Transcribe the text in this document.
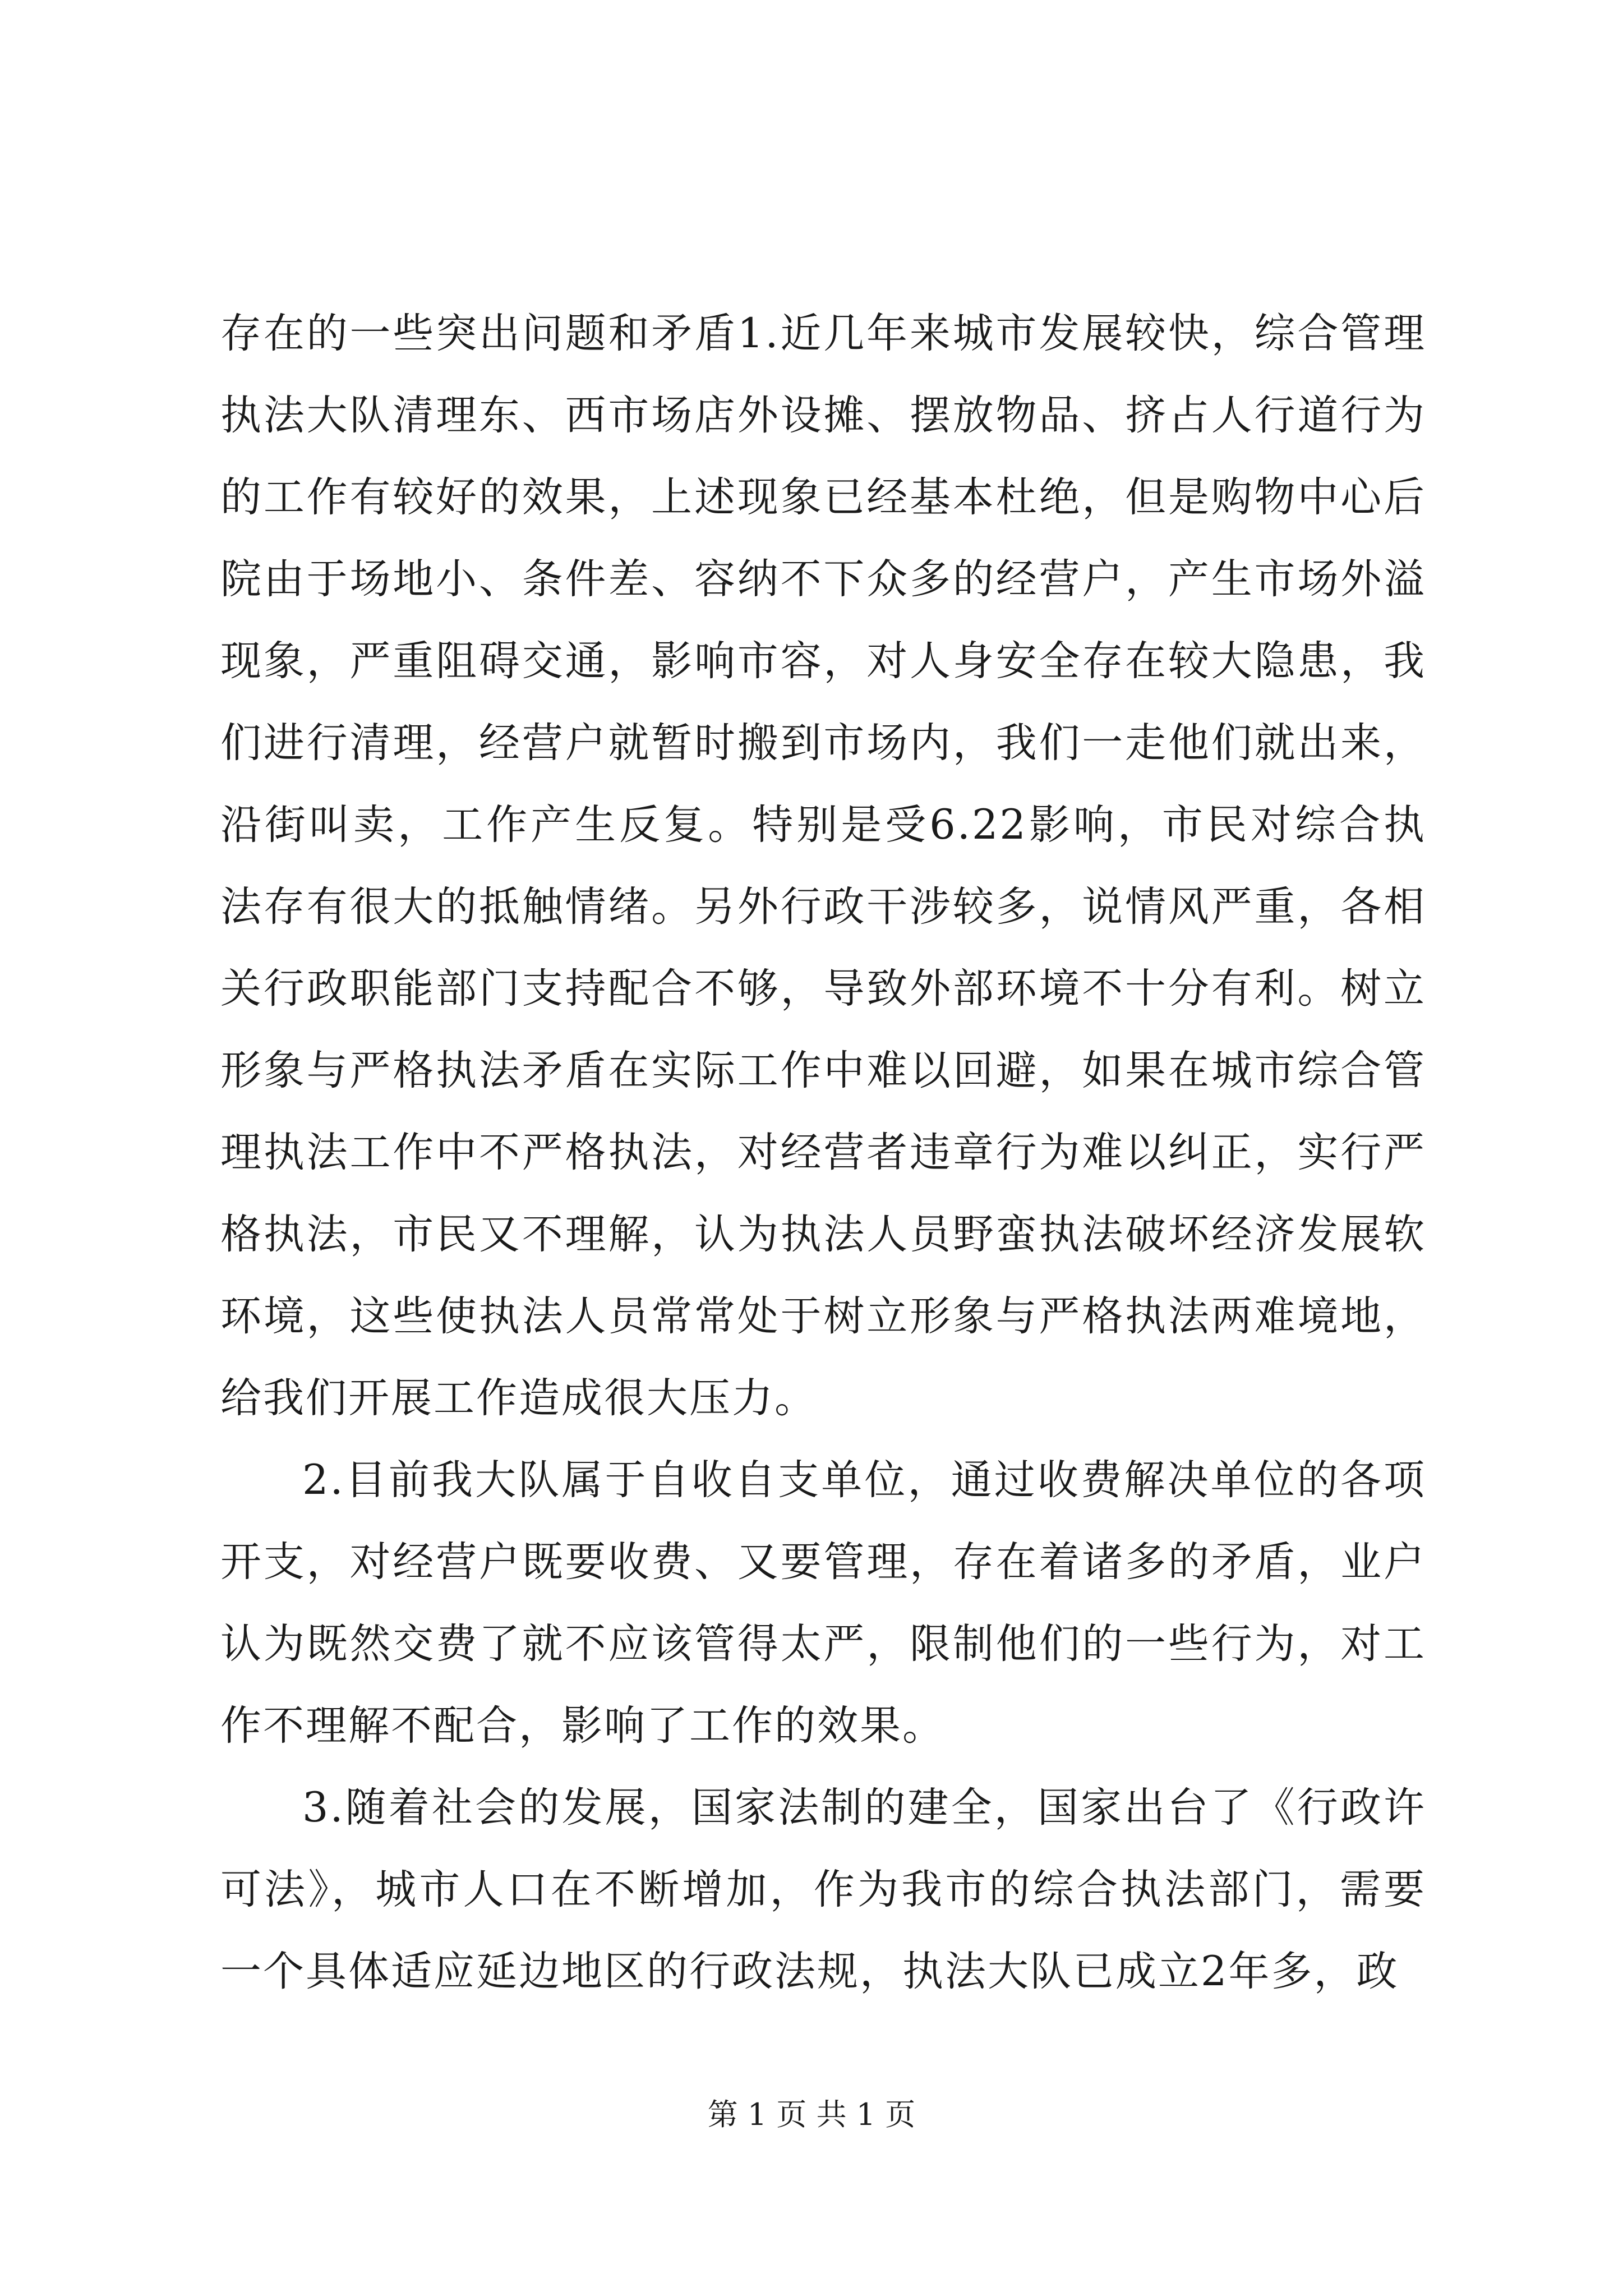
存在的一些突出问题和矛盾1.近几年来城市发展较快，综合管理执法大队清理东、西市场店外设摊、摆放物品、挤占人行道行为的工作有较好的效果，上述现象已经基本杜绝，但是购物中心后院由于场地小、条件差、容纳不下众多的经营户，产生市场外溢现象，严重阻碍交通，影响市容，对人身安全存在较大隐患，我们进行清理，经营户就暂时搬到市场内，我们一走他们就出来，沿街叫卖，工作产生反复。特别是受6.22影响，市民对综合执法存有很大的抵触情绪。另外行政干涉较多，说情风严重，各相关行政职能部门支持配合不够，导致外部环境不十分有利。树立形象与严格执法矛盾在实际工作中难以回避，如果在城市综合管理执法工作中不严格执法，对经营者违章行为难以纠正，实行严格执法，市民又不理解，认为执法人员野蛮执法破坏经济发展软环境，这些使执法人员常常处于树立形象与严格执法两难境地，给我们开展工作造成很大压力。

2.目前我大队属于自收自支单位，通过收费解决单位的各项开支，对经营户既要收费、又要管理，存在着诸多的矛盾，业户认为既然交费了就不应该管得太严，限制他们的一些行为，对工作不理解不配合，影响了工作的效果。

3.随着社会的发展，国家法制的建全，国家出台了《行政许可法》，城市人口在不断增加，作为我市的综合执法部门，需要一个具体适应延边地区的行政法规，执法大队已成立2年多，政

第 1 页 共 1 页
